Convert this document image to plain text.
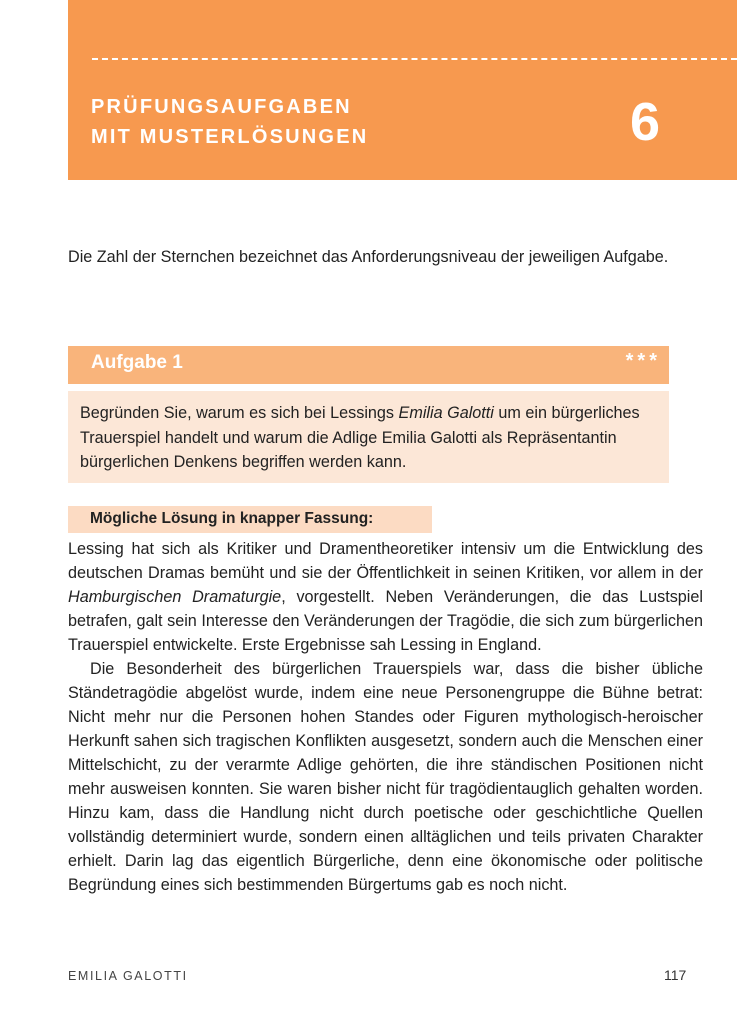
PRÜFUNGSAUFGABEN
MIT MUSTERLÖSUNGEN	6
Die Zahl der Sternchen bezeichnet das Anforderungsniveau der jeweiligen Aufgabe.
Aufgabe 1	***
Begründen Sie, warum es sich bei Lessings Emilia Galotti um ein bürgerliches Trauerspiel handelt und warum die Adlige Emilia Galotti als Repräsentantin bürgerlichen Denkens begriffen werden kann.
Mögliche Lösung in knapper Fassung:

Lessing hat sich als Kritiker und Dramentheoretiker intensiv um die Entwicklung des deutschen Dramas bemüht und sie der Öffentlichkeit in seinen Kritiken, vor allem in der Hamburgischen Dramaturgie, vorgestellt. Neben Veränderungen, die das Lustspiel betrafen, galt sein Interesse den Veränderungen der Tragödie, die sich zum bürgerlichen Trauerspiel entwickelte. Erste Ergebnisse sah Lessing in England.

Die Besonderheit des bürgerlichen Trauerspiels war, dass die bisher übliche Ständetragödie abgelöst wurde, indem eine neue Personengruppe die Bühne betrat: Nicht mehr nur die Personen hohen Standes oder Figuren mythologisch-heroischer Herkunft sahen sich tragischen Konflikten ausgesetzt, sondern auch die Menschen einer Mittelschicht, zu der verarmte Adlige gehörten, die ihre ständischen Positionen nicht mehr ausweisen konnten. Sie waren bisher nicht für tragödientauglich gehalten worden. Hinzu kam, dass die Handlung nicht durch poetische oder geschichtliche Quellen vollständig determiniert wurde, sondern einen alltäglichen und teils privaten Charakter erhielt. Darin lag das eigentlich Bürgerliche, denn eine ökonomische oder politische Begründung eines sich bestimmenden Bürgertums gab es noch nicht.

EMILIA GALOTTI	117
